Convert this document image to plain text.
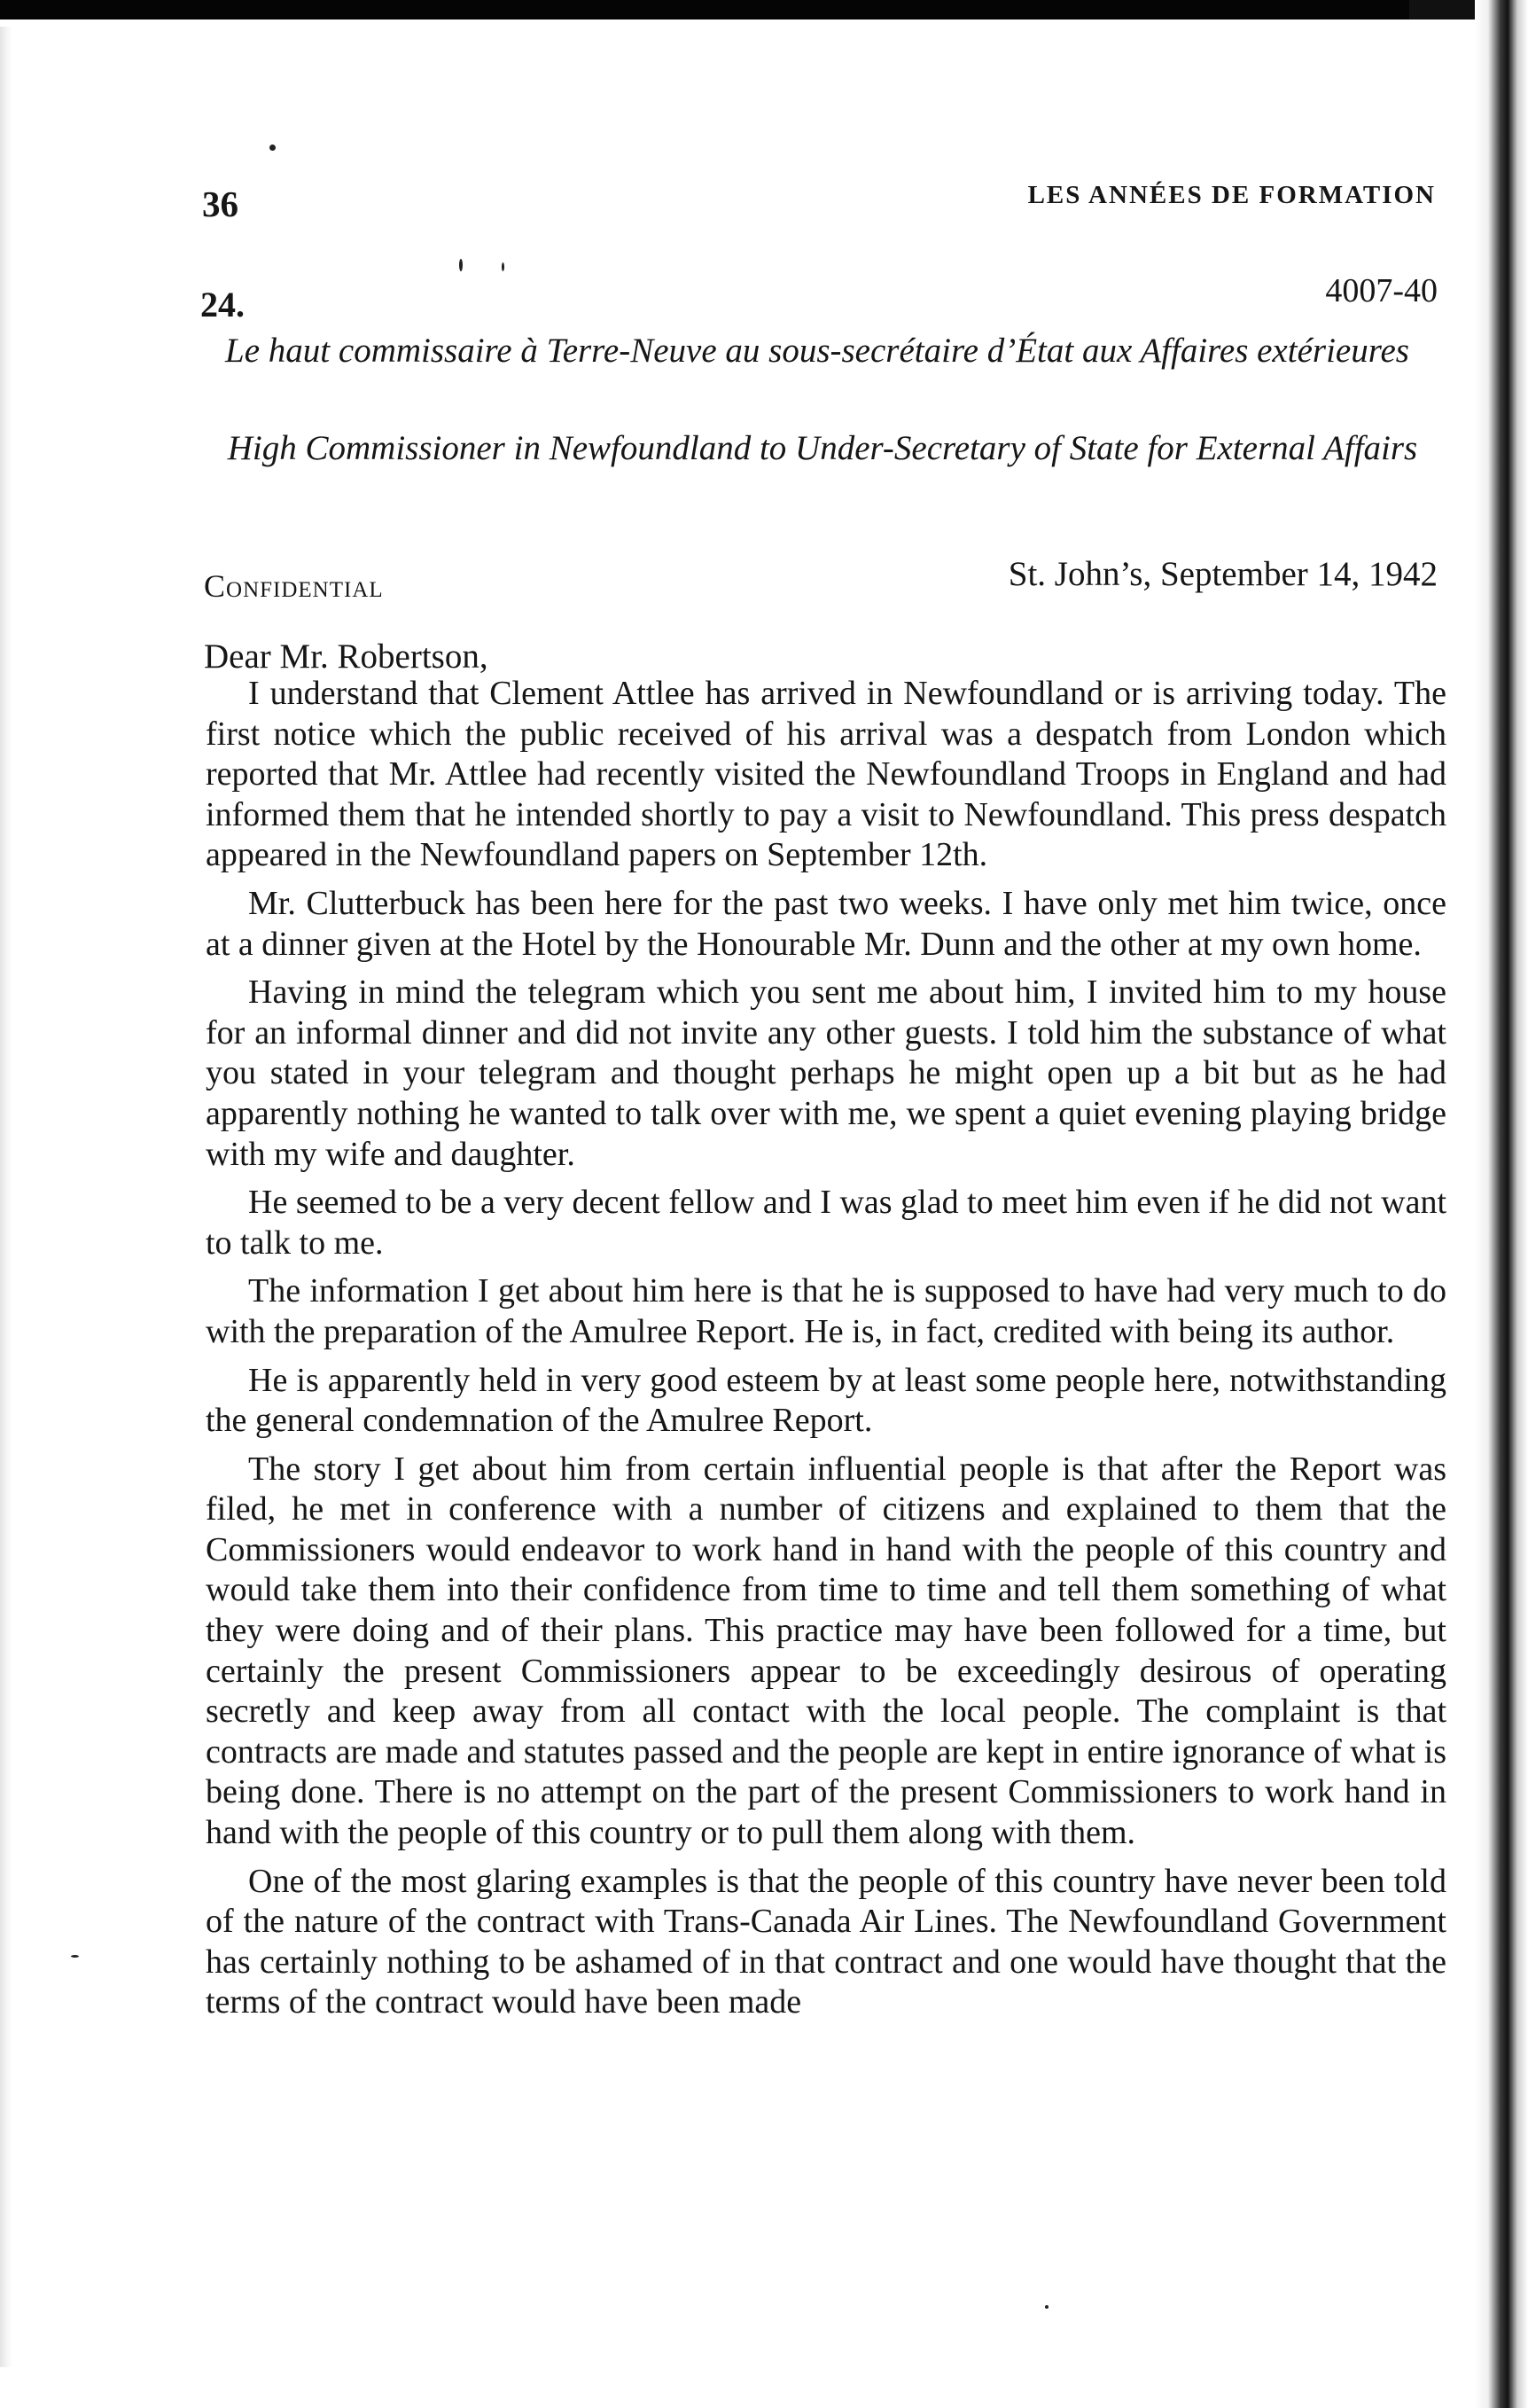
36	LES ANNÉES DE FORMATION
24.	4007-40
Le haut commissaire à Terre-Neuve au sous-secrétaire d’État aux Affaires extérieures
High Commissioner in Newfoundland to Under-Secretary of State for External Affairs
Confidential	St. John’s, September 14, 1942
Dear Mr. Robertson,

I understand that Clement Attlee has arrived in Newfoundland or is arriving today. The first notice which the public received of his arrival was a despatch from London which reported that Mr. Attlee had recently visited the Newfoundland Troops in England and had informed them that he intended shortly to pay a visit to Newfoundland. This press despatch appeared in the Newfoundland papers on September 12th.

Mr. Clutterbuck has been here for the past two weeks. I have only met him twice, once at a dinner given at the Hotel by the Honourable Mr. Dunn and the other at my own home.

Having in mind the telegram which you sent me about him, I invited him to my house for an informal dinner and did not invite any other guests. I told him the substance of what you stated in your telegram and thought perhaps he might open up a bit but as he had apparently nothing he wanted to talk over with me, we spent a quiet evening playing bridge with my wife and daughter.

He seemed to be a very decent fellow and I was glad to meet him even if he did not want to talk to me.

The information I get about him here is that he is supposed to have had very much to do with the preparation of the Amulree Report. He is, in fact, credited with being its author.

He is apparently held in very good esteem by at least some people here, notwithstanding the general condemnation of the Amulree Report.

The story I get about him from certain influential people is that after the Report was filed, he met in conference with a number of citizens and explained to them that the Commissioners would endeavor to work hand in hand with the people of this country and would take them into their confidence from time to time and tell them something of what they were doing and of their plans. This practice may have been followed for a time, but certainly the present Commissioners appear to be exceedingly desirous of operating secretly and keep away from all contact with the local people. The complaint is that contracts are made and statutes passed and the people are kept in entire ignorance of what is being done. There is no attempt on the part of the present Commissioners to work hand in hand with the people of this country or to pull them along with them.

One of the most glaring examples is that the people of this country have never been told of the nature of the contract with Trans-Canada Air Lines. The Newfoundland Government has certainly nothing to be ashamed of in that contract and one would have thought that the terms of the contract would have been made
